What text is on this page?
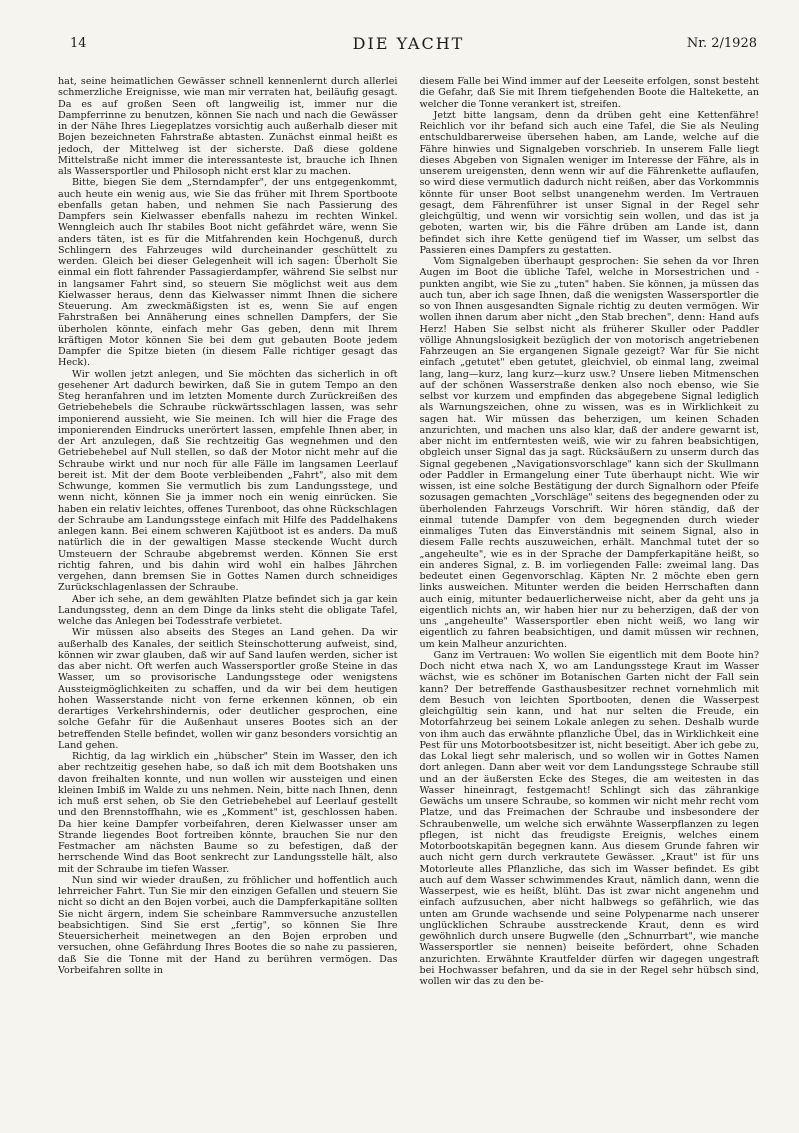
14	DIE YACHT	Nr. 2/1928

hat, seine heimatlichen Gewässer schnell kennenlernt durch allerlei schmerzliche Ereignisse, wie man mir verraten hat, beiläufig gesagt. Da es auf großen Seen oft langweilig ist, immer nur die Dampferrinne zu benutzen, können Sie nach und nach die Gewässer in der Nähe Ihres Liegeplatzes vorsichtig auch außerhalb dieser mit Bojen bezeichneten Fahrstraße abtasten. Zunächst einmal heißt es jedoch, der Mittelweg ist der sicherste. Daß diese goldene Mittelstraße nicht immer die interessanteste ist, brauche ich Ihnen als Wassersportler und Philosoph nicht erst klar zu machen.

Bitte, biegen Sie dem „Sterndampfer", der uns entgegenkommt, auch heute ein wenig aus, wie Sie das früher mit Ihrem Sportboote ebenfalls getan haben, und nehmen Sie nach Passierung des Dampfers sein Kielwasser ebenfalls nahezu im rechten Winkel. Wenngleich auch Ihr stabiles Boot nicht gefährdet wäre, wenn Sie anders täten, ist es für die Mitfahrenden kein Hochgenuß, durch Schlingern des Fahrzeuges wild durcheinander geschüttelt zu werden. Gleich bei dieser Gelegenheit will ich sagen: Überholt Sie einmal ein flott fahrender Passagierdampfer, während Sie selbst nur in langsamer Fahrt sind, so steuern Sie möglichst weit aus dem Kielwasser heraus, denn das Kielwasser nimmt Ihnen die sichere Steuerung. Am zweckmäßigsten ist es, wenn Sie auf engen Fahrstraßen bei Annäherung eines schnellen Dampfers, der Sie überholen könnte, einfach mehr Gas geben, denn mit Ihrem kräftigen Motor können Sie bei dem gut gebauten Boote jedem Dampfer die Spitze bieten (in diesem Falle richtiger gesagt das Heck).

Wir wollen jetzt anlegen, und Sie möchten das sicherlich in oft gesehener Art dadurch bewirken, daß Sie in gutem Tempo an den Steg heranfahren und im letzten Momente durch Zurückreißen des Getriebehebels die Schraube rückwärtsschlagen lassen, was sehr imponierend aussieht, wie Sie meinen. Ich will hier die Frage des imponierenden Eindrucks unerörtert lassen, empfehle Ihnen aber, in der Art anzulegen, daß Sie rechtzeitig Gas wegnehmen und den Getriebehebel auf Null stellen, so daß der Motor nicht mehr auf die Schraube wirkt und nur noch für alle Fälle im langsamen Leerlauf bereit ist. Mit der dem Boote verbleibenden „Fahrt", also mit dem Schwunge, kommen Sie vermutlich bis zum Landungsstege, und wenn nicht, können Sie ja immer noch ein wenig einrücken. Sie haben ein relativ leichtes, offenes Turenboot, das ohne Rückschlagen der Schraube am Landungsstege einfach mit Hilfe des Paddelhakens anlegen kann. Bei einem schweren Kajütboot ist es anders. Da muß natürlich die in der gewaltigen Masse steckende Wucht durch Umsteuern der Schraube abgebremst werden. Können Sie erst richtig fahren, und bis dahin wird wohl ein halbes Jährchen vergehen, dann bremsen Sie in Gottes Namen durch schneidiges Zurückschlagenlassen der Schraube.

Aber ich sehe, an dem gewählten Platze befindet sich ja gar kein Landungssteg, denn an dem Dinge da links steht die obligate Tafel, welche das Anlegen bei Todesstrafe verbietet.

Wir müssen also abseits des Steges an Land gehen. Da wir außerhalb des Kanales, der seitlich Steinschotterung aufweist, sind, können wir zwar glauben, daß wir auf Sand laufen werden, sicher ist das aber nicht. Oft werfen auch Wassersportler große Steine in das Wasser, um so provisorische Landungsstege oder wenigstens Aussteigmöglichkeiten zu schaffen, und da wir bei dem heutigen hohen Wasserstande nicht von ferne erkennen können, ob ein derartiges Verkehrshindernis, oder deutlicher gesprochen, eine solche Gefahr für die Außenhaut unseres Bootes sich an der betreffenden Stelle befindet, wollen wir ganz besonders vorsichtig an Land gehen.

Richtig, da lag wirklich ein „hübscher" Stein im Wasser, den ich aber rechtzeitig gesehen habe, so daß ich mit dem Bootshaken uns davon freihalten konnte, und nun wollen wir aussteigen und einen kleinen Imbiß im Walde zu uns nehmen. Nein, bitte nach Ihnen, denn ich muß erst sehen, ob Sie den Getriebehebel auf Leerlauf gestellt und den Brennstoffhahn, wie es „Komment" ist, geschlossen haben. Da hier keine Dampfer vorbeifahren, deren Kielwasser unser am Strande liegendes Boot fortreiben könnte, brauchen Sie nur den Festmacher am nächsten Baume so zu befestigen, daß der herrschende Wind das Boot senkrecht zur Landungsstelle hält, also mit der Schraube im tiefen Wasser.

Nun sind wir wieder draußen, zu fröhlicher und hoffentlich auch lehrreicher Fahrt. Tun Sie mir den einzigen Gefallen und steuern Sie nicht so dicht an den Bojen vorbei, auch die Dampferkapitäne sollten Sie nicht ärgern, indem Sie scheinbare Rammversuche anzustellen beabsichtigen. Sind Sie erst „fertig", so können Sie Ihre Steuersicherheit meinetwegen an den Bojen erproben und versuchen, ohne Gefährdung Ihres Bootes die so nahe zu passieren, daß Sie die Tonne mit der Hand zu berühren vermögen. Das Vorbeifahren sollte in

diesem Falle bei Wind immer auf der Leeseite erfolgen, sonst besteht die Gefahr, daß Sie mit Ihrem tiefgehenden Boote die Haltekette, an welcher die Tonne verankert ist, streifen.

Jetzt bitte langsam, denn da drüben geht eine Kettenfähre! Reichlich vor ihr befand sich auch eine Tafel, die Sie als Neuling entschuldbarerweise übersehen haben, am Lande, welche auf die Fähre hinwies und Signalgeben vorschrieb. In unserem Falle liegt dieses Abgeben von Signalen weniger im Interesse der Fähre, als in unserem ureigensten, denn wenn wir auf die Fährenkette auflaufen, so wird diese vermutlich dadurch nicht reißen, aber das Vorkommnis könnte für unser Boot selbst unangenehm werden. Im Vertrauen gesagt, dem Fährenführer ist unser Signal in der Regel sehr gleichgültig, und wenn wir vorsichtig sein wollen, und das ist ja geboten, warten wir, bis die Fähre drüben am Lande ist, dann befindet sich ihre Kette genügend tief im Wasser, um selbst das Passieren eines Dampfers zu gestatten.

Vom Signalgeben überhaupt gesprochen: Sie sehen da vor Ihren Augen im Boot die übliche Tafel, welche in Morsestrichen und -punkten angibt, wie Sie zu „tuten" haben. Sie können, ja müssen das auch tun, aber ich sage Ihnen, daß die wenigsten Wassersportler die so von Ihnen ausgesandten Signale richtig zu deuten vermögen. Wir wollen ihnen darum aber nicht „den Stab brechen", denn: Hand aufs Herz! Haben Sie selbst nicht als früherer Skuller oder Paddler völlige Ahnungslosigkeit bezüglich der von motorisch angetriebenen Fahrzeugen an Sie ergangenen Signale gezeigt? War für Sie nicht einfach „getutet" eben getutet, gleichviel, ob einmal lang, zweimal lang, lang—kurz, lang kurz—kurz usw.? Unsere lieben Mitmenschen auf der schönen Wasserstraße denken also noch ebenso, wie Sie selbst vor kurzem und empfinden das abgegebene Signal lediglich als Warnungszeichen, ohne zu wissen, was es in Wirklichkeit zu sagen hat. Wir müssen das beherzigen, um keinen Schaden anzurichten, und machen uns also klar, daß der andere gewarnt ist, aber nicht im entferntesten weiß, wie wir zu fahren beabsichtigen, obgleich unser Signal das ja sagt. Rücksäußern zu unserm durch das Signal gegebenen „Navigationsvorschlage" kann sich der Skullmann oder Paddler in Ermangelung einer Tute überhaupt nicht. Wie wir wissen, ist eine solche Bestätigung der durch Signalhorn oder Pfeife sozusagen gemachten „Vorschläge" seitens des begegnenden oder zu überholenden Fahrzeugs Vorschrift. Wir hören ständig, daß der einmal tutende Dampfer von dem begegnenden durch wieder einmaliges Tuten das Einverständnis mit seinem Signal, also in diesem Falle rechts auszuweichen, erhält. Manchmal tutet der so „angeheulte", wie es in der Sprache der Dampferkapitäne heißt, so ein anderes Signal, z. B. im vorliegenden Falle: zweimal lang. Das bedeutet einen Gegenvorschlag. Käpten Nr. 2 möchte eben gern links ausweichen. Mitunter werden die beiden Herrschaften dann auch einig, mitunter bedauerlicherweise nicht, aber da geht uns ja eigentlich nichts an, wir haben hier nur zu beherzigen, daß der von uns „angeheulte" Wassersportler eben nicht weiß, wo lang wir eigentlich zu fahren beabsichtigen, und damit müssen wir rechnen, um kein Malheur anzurichten.

Ganz im Vertrauen: Wo wollen Sie eigentlich mit dem Boote hin? Doch nicht etwa nach X, wo am Landungsstege Kraut im Wasser wächst, wie es schöner im Botanischen Garten nicht der Fall sein kann? Der betreffende Gasthausbesitzer rechnet vornehmlich mit dem Besuch von leichten Sportbooten, denen die Wasserpest gleichgültig sein kann, und hat nur selten die Freude, ein Motorfahrzeug bei seinem Lokale anlegen zu sehen. Deshalb wurde von ihm auch das erwähnte pflanzliche Übel, das in Wirklichkeit eine Pest für uns Motorbootsbesitzer ist, nicht beseitigt. Aber ich gebe zu, das Lokal liegt sehr malerisch, und so wollen wir in Gottes Namen dort anlegen. Dann aber weit vor dem Landungsstege Schraube still und an der äußersten Ecke des Steges, die am weitesten in das Wasser hineinragt, festgemacht! Schlingt sich das zährankige Gewächs um unsere Schraube, so kommen wir nicht mehr recht vom Platze, und das Freimachen der Schraube und insbesondere der Schraubenwelle, um welche sich erwähnte Wasserpflanzen zu legen pflegen, ist nicht das freudigste Ereignis, welches einem Motorbootskapitän begegnen kann. Aus diesem Grunde fahren wir auch nicht gern durch verkrautete Gewässer. „Kraut" ist für uns Motorleute alles Pflanzliche, das sich im Wasser befindet. Es gibt auch auf dem Wasser schwimmendes Kraut, nämlich dann, wenn die Wasserpest, wie es heißt, blüht. Das ist zwar nicht angenehm und einfach aufzusuchen, aber nicht halbwegs so gefährlich, wie das unten am Grunde wachsende und seine Polypenarme nach unserer unglücklichen Schraube ausstreckende Kraut, denn es wird gewöhnlich durch unsere Bugwelle (den „Schnurrbart", wie manche Wassersportler sie nennen) beiseite befördert, ohne Schaden anzurichten. Erwähnte Krautfelder dürfen wir dagegen ungestraft bei Hochwasser befahren, und da sie in der Regel sehr hübsch sind, wollen wir das zu den be-
